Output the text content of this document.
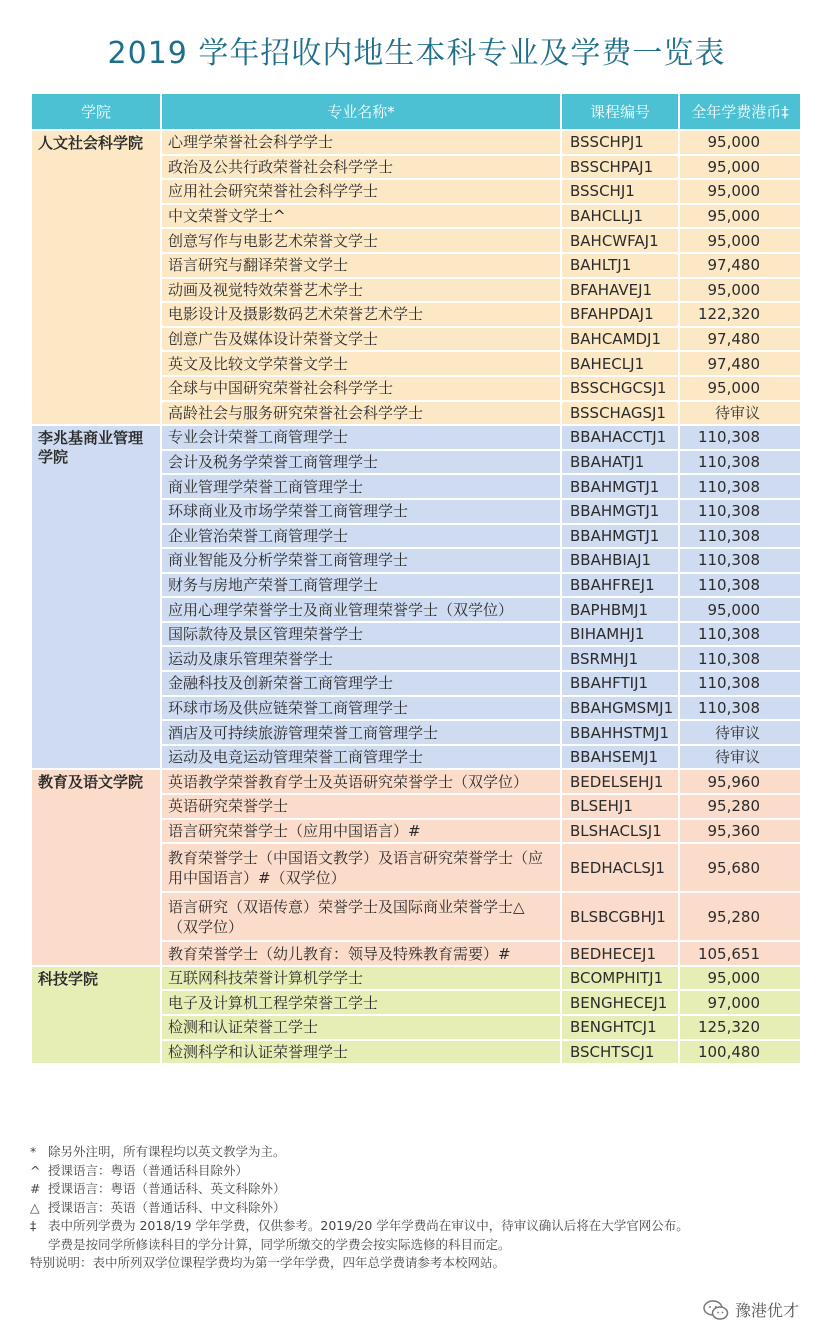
2019 学年招收内地生本科专业及学费一览表
学院	专业名称*	课程编号	全年学费港币‡
人文社会科学院	心理学荣誉社会科学学士	BSSCHPJ1	95,000
	政治及公共行政荣誉社会科学学士	BSSCHPAJ1	95,000
	应用社会研究荣誉社会科学学士	BSSCHJ1	95,000
	中文荣誉文学士^	BAHCLLJ1	95,000
	创意写作与电影艺术荣誉文学士	BAHCWFAJ1	95,000
	语言研究与翻译荣誉文学士	BAHLTJ1	97,480
	动画及视觉特效荣誉艺术学士	BFAHAVEJ1	95,000
	电影设计及摄影数码艺术荣誉艺术学士	BFAHPDAJ1	122,320
	创意广告及媒体设计荣誉文学士	BAHCAMDJ1	97,480
	英文及比较文学荣誉文学士	BAHECLJ1	97,480
	全球与中国研究荣誉社会科学学士	BSSCHGCSJ1	95,000
	高龄社会与服务研究荣誉社会科学学士	BSSCHAGSJ1	待审议
李兆基商业管理学院	专业会计荣誉工商管理学士	BBAHACCTJ1	110,308
	会计及税务学荣誉工商管理学士	BBAHATJ1	110,308
	商业管理学荣誉工商管理学士	BBAHMGTJ1	110,308
	环球商业及市场学荣誉工商管理学士	BBAHMGTJ1	110,308
	企业管治荣誉工商管理学士	BBAHMGTJ1	110,308
	商业智能及分析学荣誉工商管理学士	BBAHBIAJ1	110,308
	财务与房地产荣誉工商管理学士	BBAHFREJ1	110,308
	应用心理学荣誉学士及商业管理荣誉学士（双学位）	BAPHBMJ1	95,000
	国际款待及景区管理荣誉学士	BIHAMHJ1	110,308
	运动及康乐管理荣誉学士	BSRMHJ1	110,308
	金融科技及创新荣誉工商管理学士	BBAHFTIJ1	110,308
	环球市场及供应链荣誉工商管理学士	BBAHGMSMJ1	110,308
	酒店及可持续旅游管理荣誉工商管理学士	BBAHHSTMJ1	待审议
	运动及电竞运动管理荣誉工商管理学士	BBAHSEMJ1	待审议
教育及语文学院	英语教学荣誉教育学士及英语研究荣誉学士（双学位）	BEDELSEHJ1	95,960
	英语研究荣誉学士	BLSEHJ1	95,280
	语言研究荣誉学士（应用中国语言）#	BLSHACLSJ1	95,360
	教育荣誉学士（中国语文教学）及语言研究荣誉学士（应用中国语言）#（双学位）	BEDHACLSJ1	95,680
	语言研究（双语传意）荣誉学士及国际商业荣誉学士△（双学位）	BLSBCGBHJ1	95,280
	教育荣誉学士（幼儿教育：领导及特殊教育需要）#	BEDHECEJ1	105,651
科技学院	互联网科技荣誉计算机学学士	BCOMPHITJ1	95,000
	电子及计算机工程学荣誉工学士	BENGHECEJ1	97,000
	检测和认证荣誉工学士	BENGHTCJ1	125,320
	检测科学和认证荣誉理学士	BSCHTSCJ1	100,480
* 除另外注明，所有课程均以英文教学为主。
^ 授课语言：粤语（普通话科目除外）
# 授课语言：粤语（普通话科、英文科除外）
△ 授课语言：英语（普通话科、中文科除外）
‡ 表中所列学费为 2018/19 学年学费，仅供参考。2019/20 学年学费尚在审议中，待审议确认后将在大学官网公布。
学费是按同学所修读科目的学分计算，同学所缴交的学费会按实际选修的科目而定。
特别说明：表中所列双学位课程学费均为第一学年学费，四年总学费请参考本校网站。
豫港优才
